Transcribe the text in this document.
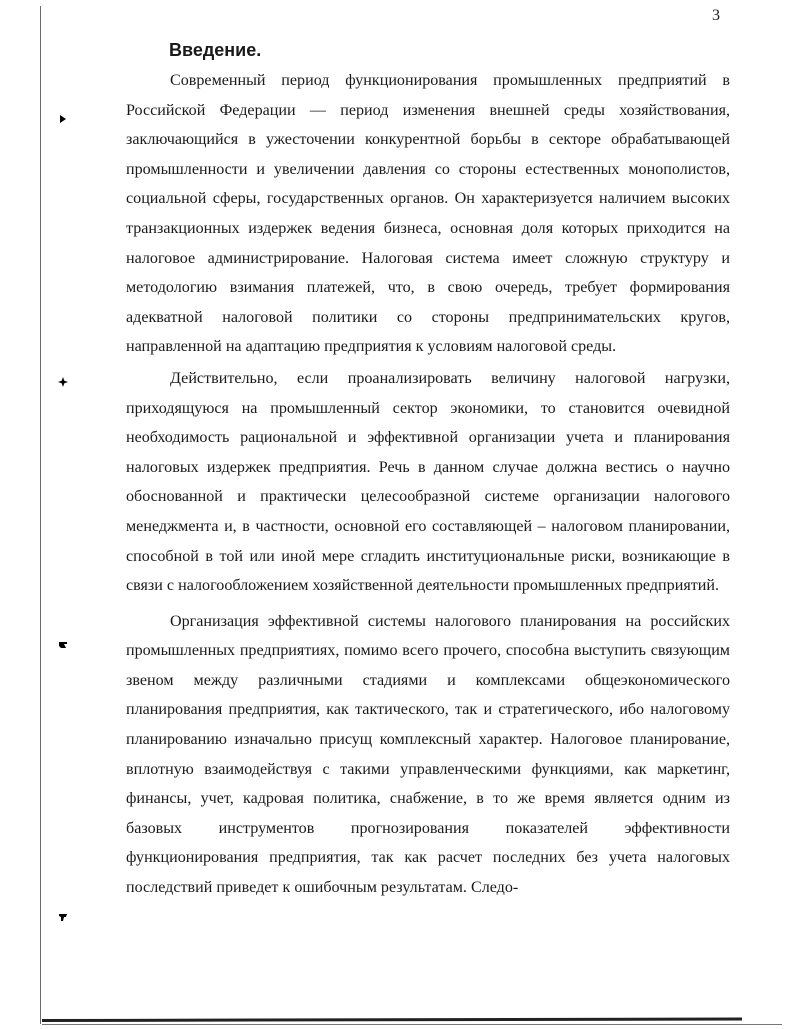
3
Введение.

Современный период функционирования промышленных предприятий в Российской Федерации — период изменения внешней среды хозяйствования, заключающийся в ужесточении конкурентной борьбы в секторе обрабатывающей промышленности и увеличении давления со стороны естественных монополистов, социальной сферы, государственных органов. Он характеризуется наличием высоких транзакционных издержек ведения бизнеса, основная доля которых приходится на налоговое администрирование. Налоговая система имеет сложную структуру и методологию взимания платежей, что, в свою очередь, требует формирования адекватной налоговой политики со стороны предпринимательских кругов, направленной на адаптацию предприятия к условиям налоговой среды.

Действительно, если проанализировать величину налоговой нагрузки, приходящуюся на промышленный сектор экономики, то становится очевидной необходимость рациональной и эффективной организации учета и планирования налоговых издержек предприятия. Речь в данном случае должна вестись о научно обоснованной и практически целесообразной системе организации налогового менеджмента и, в частности, основной его составляющей – налоговом планировании, способной в той или иной мере сгладить институциональные риски, возникающие в связи с налогообложением хозяйственной деятельности промышленных предприятий.

Организация эффективной системы налогового планирования на российских промышленных предприятиях, помимо всего прочего, способна выступить связующим звеном между различными стадиями и комплексами общеэкономического планирования предприятия, как тактического, так и стратегического, ибо налоговому планированию изначально присущ комплексный характер. Налоговое планирование, вплотную взаимодействуя с такими управленческими функциями, как маркетинг, финансы, учет, кадровая политика, снабжение, в то же время является одним из базовых инструментов прогнозирования показателей эффективности функционирования предприятия, так как расчет последних без учета налоговых последствий приведет к ошибочным результатам. Следо-
